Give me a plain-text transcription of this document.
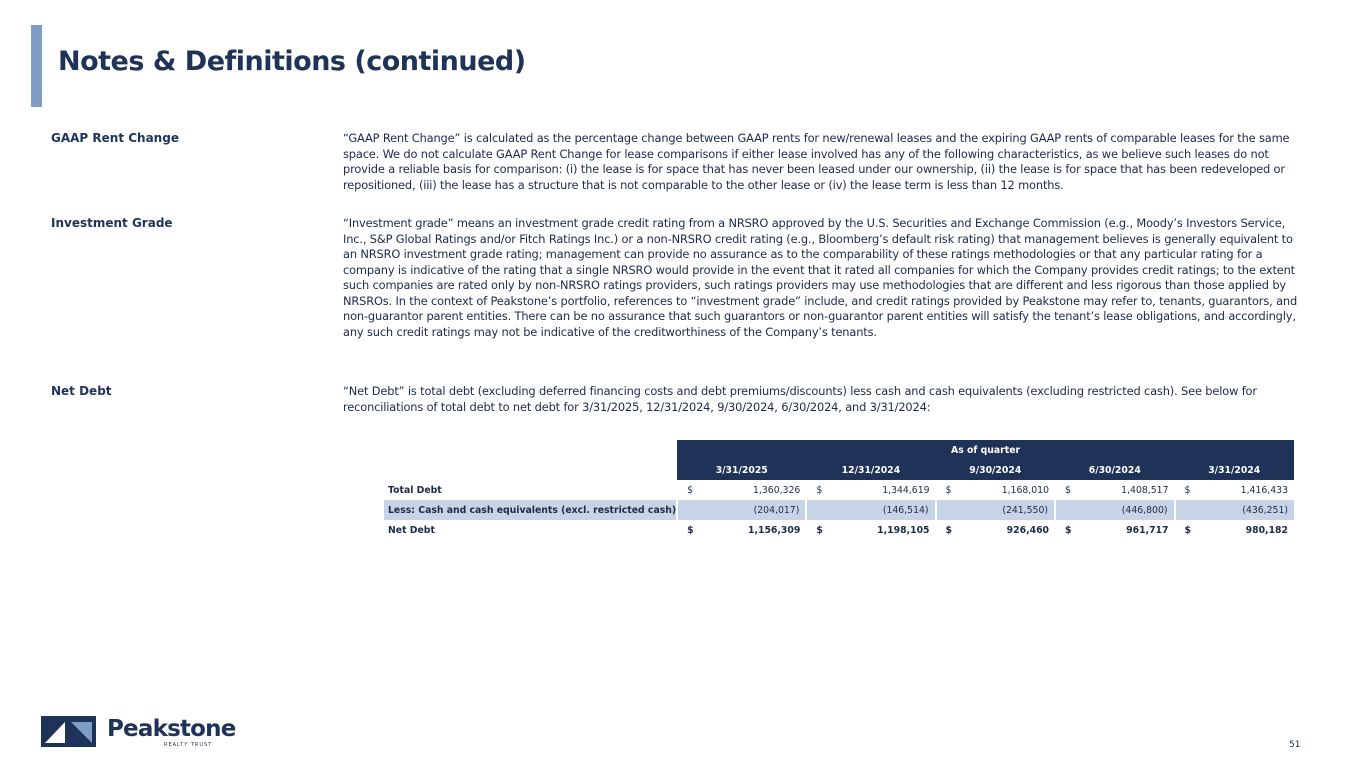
Notes & Definitions (continued)
GAAP Rent Change	“GAAP Rent Change” is calculated as the percentage change between GAAP rents for new/renewal leases and the expiring GAAP rents of comparable leases for the same space. We do not calculate GAAP Rent Change for lease comparisons if either lease involved has any of the following characteristics, as we believe such leases do not provide a reliable basis for comparison: (i) the lease is for space that has never been leased under our ownership, (ii) the lease is for space that has been redeveloped or repositioned, (iii) the lease has a structure that is not comparable to the other lease or (iv) the lease term is less than 12 months.

Investment Grade	“Investment grade” means an investment grade credit rating from a NRSRO approved by the U.S. Securities and Exchange Commission (e.g., Moody’s Investors Service, Inc., S&P Global Ratings and/or Fitch Ratings Inc.) or a non-NRSRO credit rating (e.g., Bloomberg’s default risk rating) that management believes is generally equivalent to an NRSRO investment grade rating; management can provide no assurance as to the comparability of these ratings methodologies or that any particular rating for a company is indicative of the rating that a single NRSRO would provide in the event that it rated all companies for which the Company provides credit ratings; to the extent such companies are rated only by non-NRSRO ratings providers, such ratings providers may use methodologies that are different and less rigorous than those applied by NRSROs. In the context of Peakstone’s portfolio, references to “investment grade” include, and credit ratings provided by Peakstone may refer to, tenants, guarantors, and non-guarantor parent entities. There can be no assurance that such guarantors or non-guarantor parent entities will satisfy the tenant’s lease obligations, and accordingly, any such credit ratings may not be indicative of the creditworthiness of the Company’s tenants.

Net Debt	“Net Debt” is total debt (excluding deferred financing costs and debt premiums/discounts) less cash and cash equivalents (excluding restricted cash). See below for reconciliations of total debt to net debt for 3/31/2025, 12/31/2024, 9/30/2024, 6/30/2024, and 3/31/2024:

	As of quarter									
	3/31/2025		12/31/2024		9/30/2024		6/30/2024		3/31/2024	
Total Debt	$	1,360,326	$	1,344,619	$	1,168,010	$	1,408,517	$	1,416,433
Less: Cash and cash equivalents (excl. restricted cash)		(204,017)		(146,514)		(241,550)		(446,800)		(436,251)
Net Debt	$	1,156,309	$	1,198,105	$	926,460	$	961,717	$	980,182
Peakstone
REALTY TRUST	51
